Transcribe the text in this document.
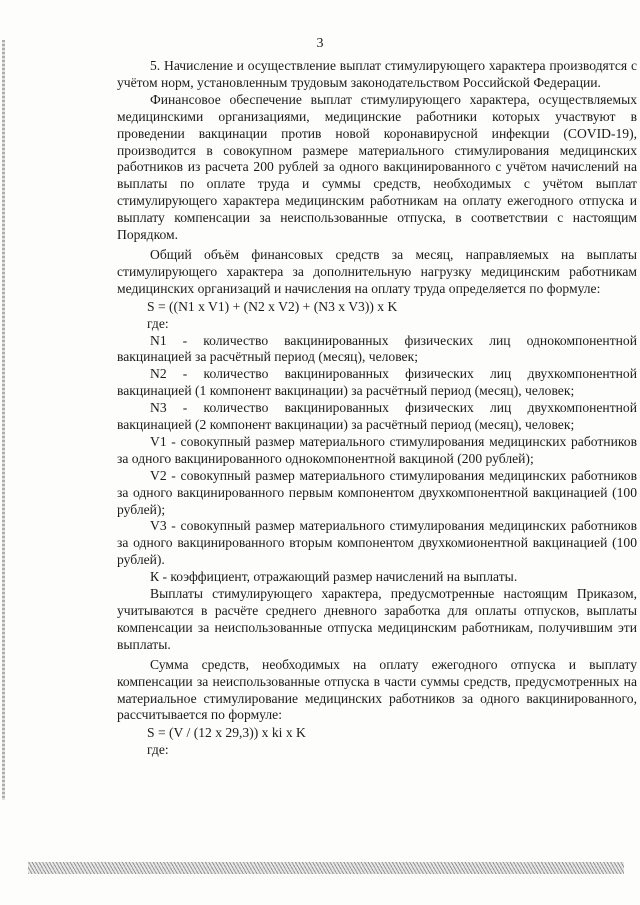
3

5. Начисление и осуществление выплат стимулирующего характера производятся с учётом норм, установленным трудовым законодательством Российской Федерации.

Финансовое обеспечение выплат стимулирующего характера, осуществляемых медицинскими организациями, медицинские работники которых участвуют в проведении вакцинации против новой коронавирусной инфекции (COVID-19), производится в совокупном размере материального стимулирования медицинских работников из расчета 200 рублей за одного вакцинированного с учётом начислений на выплаты по оплате труда и суммы средств, необходимых с учётом выплат стимулирующего характера медицинским работникам на оплату ежегодного отпуска и выплату компенсации за неиспользованные отпуска, в соответствии с настоящим Порядком.

Общий объём финансовых средств за месяц, направляемых на выплаты стимулирующего характера за дополнительную нагрузку медицинским работникам медицинских организаций и начисления на оплату труда определяется по формуле:

S = ((N1 x V1) + (N2 x V2) + (N3 x V3)) x K
где:

N1 - количество вакцинированных физических лиц однокомпонентной вакцинацией за расчётный период (месяц), человек;

N2 - количество вакцинированных физических лиц двухкомпонентной вакцинацией (1 компонент вакцинации) за расчётный период (месяц), человек;

N3 - количество вакцинированных физических лиц двухкомпонентной вакцинацией (2 компонент вакцинации) за расчётный период (месяц), человек;

V1 - совокупный размер материального стимулирования медицинских работников за одного вакцинированного однокомпонентной вакциной (200 рублей);

V2 - совокупный размер материального стимулирования медицинских работников за одного вакцинированного первым компонентом двухкомпонентной вакцинацией (100 рублей);

V3 - совокупный размер материального стимулирования медицинских работников за одного вакцинированного вторым компонентом двухкомионентной вакцинацией (100 рублей).

К - коэффициент, отражающий размер начислений на выплаты.

Выплаты стимулирующего характера, предусмотренные настоящим Приказом, учитываются в расчёте среднего дневного заработка для оплаты отпусков, выплаты компенсации за неиспользованные отпуска медицинским работникам, получившим эти выплаты.

Сумма средств, необходимых на оплату ежегодного отпуска и выплату компенсации за неиспользованные отпуска в части суммы средств, предусмотренных на материальное стимулирование медицинских работников за одного вакцинированного, рассчитывается по формуле:

S = (V / (12 x 29,3)) x ki x K
где:
